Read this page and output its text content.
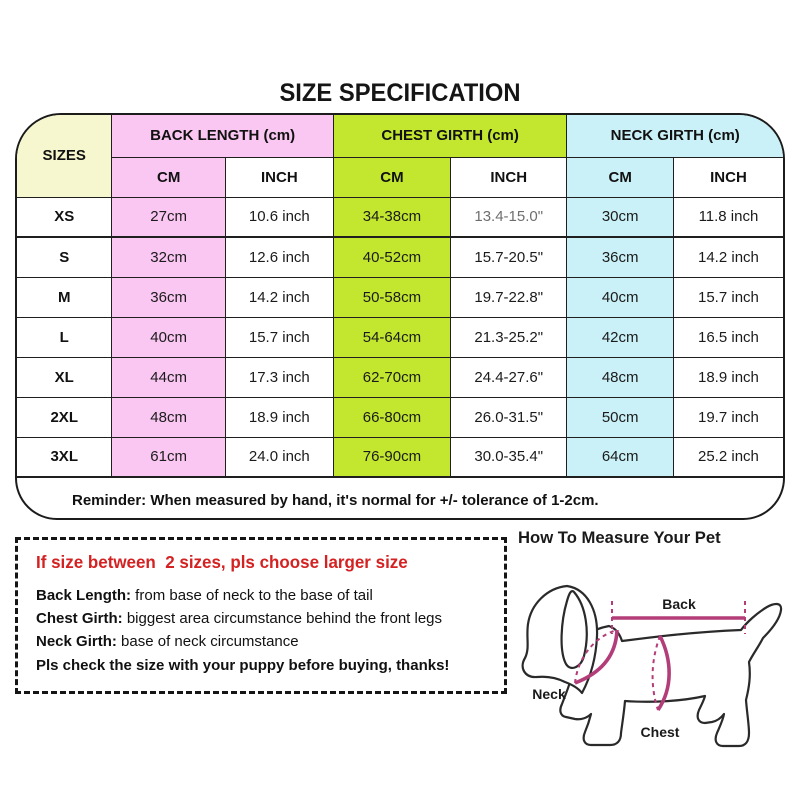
SIZE SPECIFICATION
SIZES	BACK LENGTH (cm)		CHEST GIRTH (cm)		NECK GIRTH (cm)	
	CM	INCH	CM	INCH	CM	INCH
XS	27cm	10.6 inch	34-38cm	13.4-15.0"	30cm	11.8 inch
S	32cm	12.6 inch	40-52cm	15.7-20.5"	36cm	14.2 inch
M	36cm	14.2 inch	50-58cm	19.7-22.8"	40cm	15.7 inch
L	40cm	15.7 inch	54-64cm	21.3-25.2"	42cm	16.5 inch
XL	44cm	17.3 inch	62-70cm	24.4-27.6"	48cm	18.9 inch
2XL	48cm	18.9 inch	66-80cm	26.0-31.5"	50cm	19.7 inch
3XL	61cm	24.0 inch	76-90cm	30.0-35.4"	64cm	25.2 inch
Reminder: When measured by hand, it's normal for +/- tolerance of 1-2cm.						
If size between  2 sizes, pls choose larger size
Back Length: from base of neck to the base of tail
Chest Girth: biggest area circumstance behind the front legs
Neck Girth: base of neck circumstance
Pls check the size with your puppy before buying, thanks!
How To Measure Your Pet
Back
Neck
Chest
